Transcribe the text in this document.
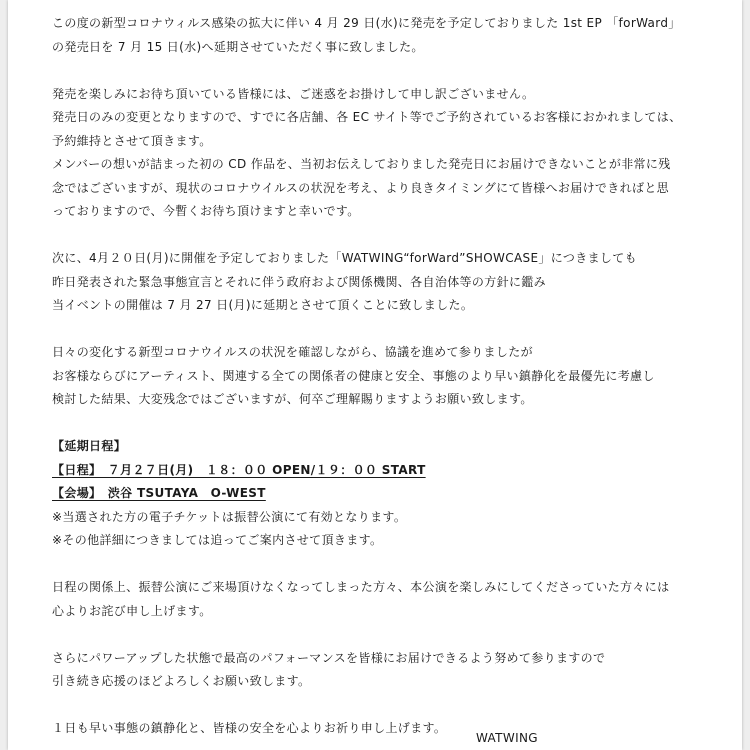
この度の新型コロナウィルス感染の拡大に伴い 4 月 29 日(水)に発売を予定しておりました 1st EP 「forWard」
の発売日を 7 月 15 日(水)へ延期させていただく事に致しました。
発売を楽しみにお待ち頂いている皆様には、ご迷惑をお掛けして申し訳ございません。
発売日のみの変更となりますので、すでに各店舗、各 EC サイト等でご予約されているお客様におかれましては、
予約維持とさせて頂きます。
メンバーの想いが詰まった初の CD 作品を、当初お伝えしておりました発売日にお届けできないことが非常に残
念ではございますが、現状のコロナウイルスの状況を考え、より良きタイミングにて皆様へお届けできればと思
っておりますので、今暫くお待ち頂けますと幸いです。
次に、4月２０日(月)に開催を予定しておりました「WATWING“forWard”SHOWCASE」につきましても
昨日発表された緊急事態宣言とそれに伴う政府および関係機関、各自治体等の方針に鑑み
当イベントの開催は 7 月 27 日(月)に延期とさせて頂くことに致しました。
日々の変化する新型コロナウイルスの状況を確認しながら、協議を進めて参りましたが
お客様ならびにアーティスト、関連する全ての関係者の健康と安全、事態のより早い鎮静化を最優先に考慮し
検討した結果、大変残念ではございますが、何卒ご理解賜りますようお願い致します。
【延期日程】
【日程】　７月２７日(月)　１８：００ OPEN/１９：００ START
【会場】　渋谷 TSUTAYA　O-WEST
※当選された方の電子チケットは振替公演にて有効となります。
※その他詳細につきましては追ってご案内させて頂きます。
日程の関係上、振替公演にご来場頂けなくなってしまった方々、本公演を楽しみにしてくださっていた方々には
心よりお詫び申し上げます。
さらにパワーアップした状態で最高のパフォーマンスを皆様にお届けできるよう努めて参りますので
引き続き応援のほどよろしくお願い致します。
１日も早い事態の鎮静化と、皆様の安全を心よりお祈り申し上げます。
WATWING
